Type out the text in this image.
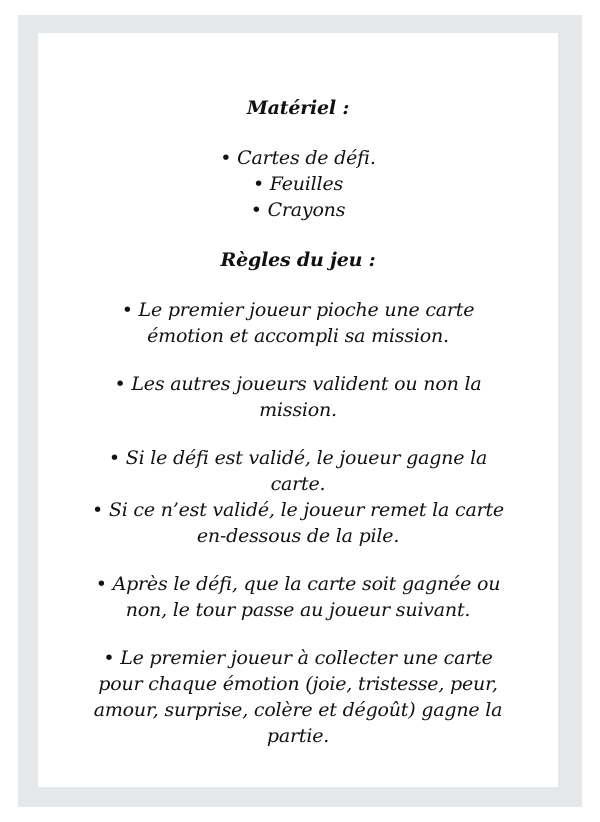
Matériel :

• Cartes de défi.
• Feuilles
• Crayons

Règles du jeu :

• Le premier joueur pioche une carte
émotion et accompli sa mission.
• Les autres joueurs valident ou non la
mission.
• Si le défi est validé, le joueur gagne la
carte.
• Si ce n’est validé, le joueur remet la carte
en-dessous de la pile.
• Après le défi, que la carte soit gagnée ou
non, le tour passe au joueur suivant.
• Le premier joueur à collecter une carte
pour chaque émotion (joie, tristesse, peur,
amour, surprise, colère et dégoût) gagne la
partie.
